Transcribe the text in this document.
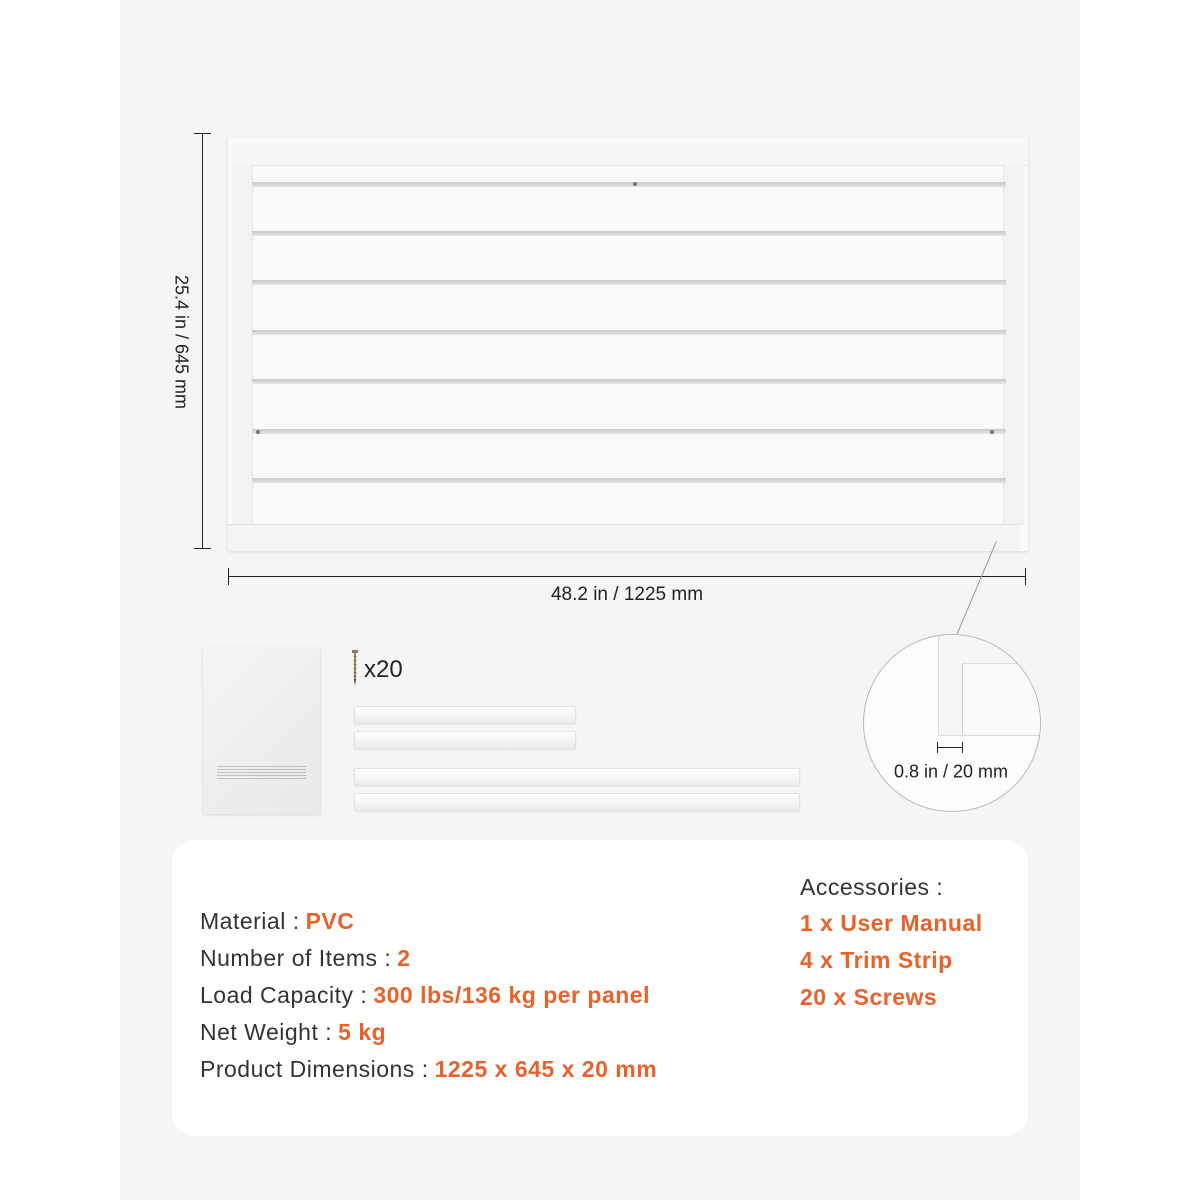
25.4 in / 645 mm
48.2 in / 1225 mm
x20
0.8 in / 20 mm
Material : PVC
Number of Items : 2
Load Capacity : 300 lbs/136 kg per panel
Net Weight : 5 kg
Product Dimensions : 1225 x 645 x 20 mm
Accessories :
1 x User Manual
4 x Trim Strip
20 x Screws
